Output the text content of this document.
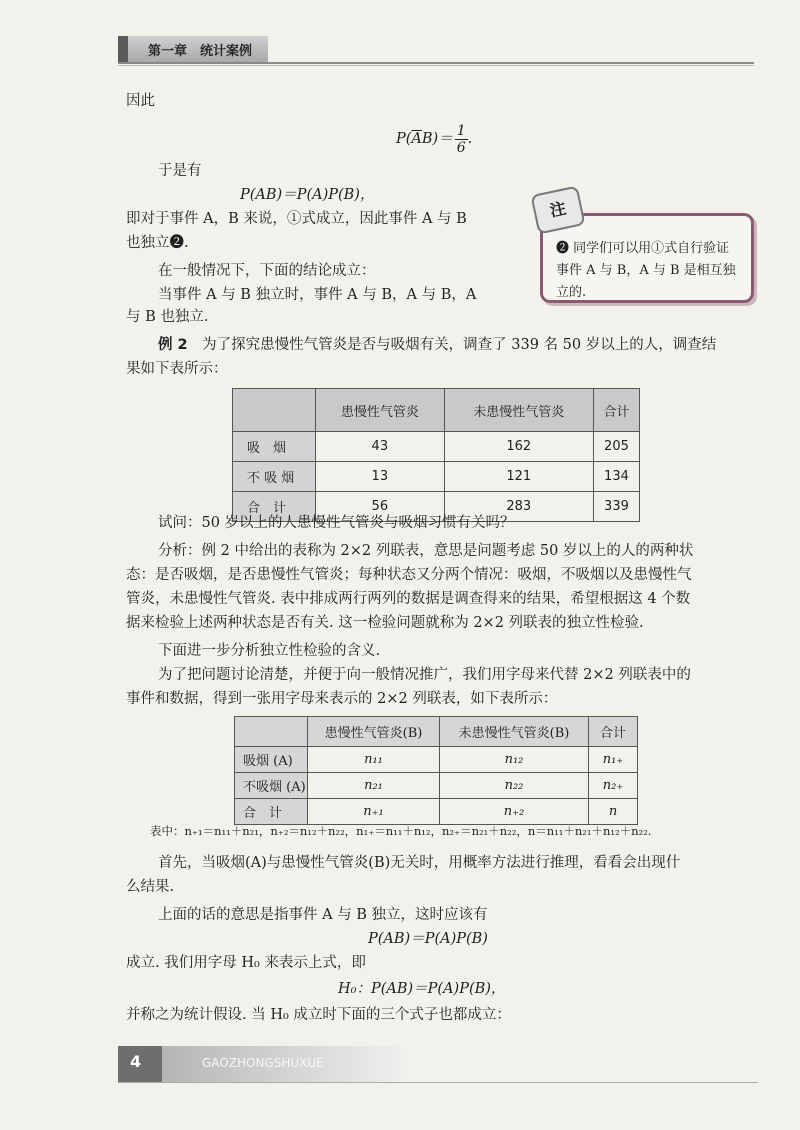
第一章　统计案例
因此
$P(\overline{A}B)= \frac{1}{6}$ .
于是有
P(AB)＝P(A)P(B)，
即对于事件 A，B 来说，①式成立，因此事件 A 与 B
也独立❷.
在一般情况下，下面的结论成立：
当事件 A 与 B 独立时，事件 A 与 B，A 与 B，A
与 B 也独立.
注
❷ 同学们可以用①式自行验证事件 A 与 B，A 与 B 是相互独立的.
例 2　 为了探究患慢性气管炎是否与吸烟有关，调查了 339 名 50 岁以上的人，调查结
果如下表所示：
	患慢性气管炎	未患慢性气管炎	合计
吸　烟	43	162	205
不 吸 烟	13	121	134
合　计	56	283	339
试问：50 岁以上的人患慢性气管炎与吸烟习惯有关吗？
分析：例 2 中给出的表称为 2×2 列联表，意思是问题考虑 50 岁以上的人的两种状
态：是否吸烟，是否患慢性气管炎；每种状态又分两个情况：吸烟，不吸烟以及患慢性气
管炎，未患慢性气管炎. 表中排成两行两列的数据是调查得来的结果，希望根据这 4 个数
据来检验上述两种状态是否有关. 这一检验问题就称为 2×2 列联表的独立性检验.
下面进一步分析独立性检验的含义.
为了把问题讨论清楚，并便于向一般情况推广，我们用字母来代替 2×2 列联表中的
事件和数据，得到一张用字母来表示的 2×2 列联表，如下表所示：
	患慢性气管炎(B)	未患慢性气管炎(B)	合计
吸烟 (A)	n₁₁	n₁₂	n₁₊
不吸烟 (A)	n₂₁	n₂₂	n₂₊
合　计	n₊₁	n₊₂	n
表中：n₊₁＝n₁₁＋n₂₁，n₊₂＝n₁₂＋n₂₂，n₁₊＝n₁₁＋n₁₂，n₂₊＝n₂₁＋n₂₂，n＝n₁₁＋n₂₁＋n₁₂＋n₂₂.
首先，当吸烟(A)与患慢性气管炎(B)无关时，用概率方法进行推理，看看会出现什
么结果.
上面的话的意思是指事件 A 与 B 独立，这时应该有
P(AB)＝P(A)P(B)
成立. 我们用字母 H₀ 来表示上式，即
H₀：P(AB)＝P(A)P(B)，
并称之为统计假设. 当 H₀ 成立时下面的三个式子也都成立：
4	GAOZHONGSHUXUE
